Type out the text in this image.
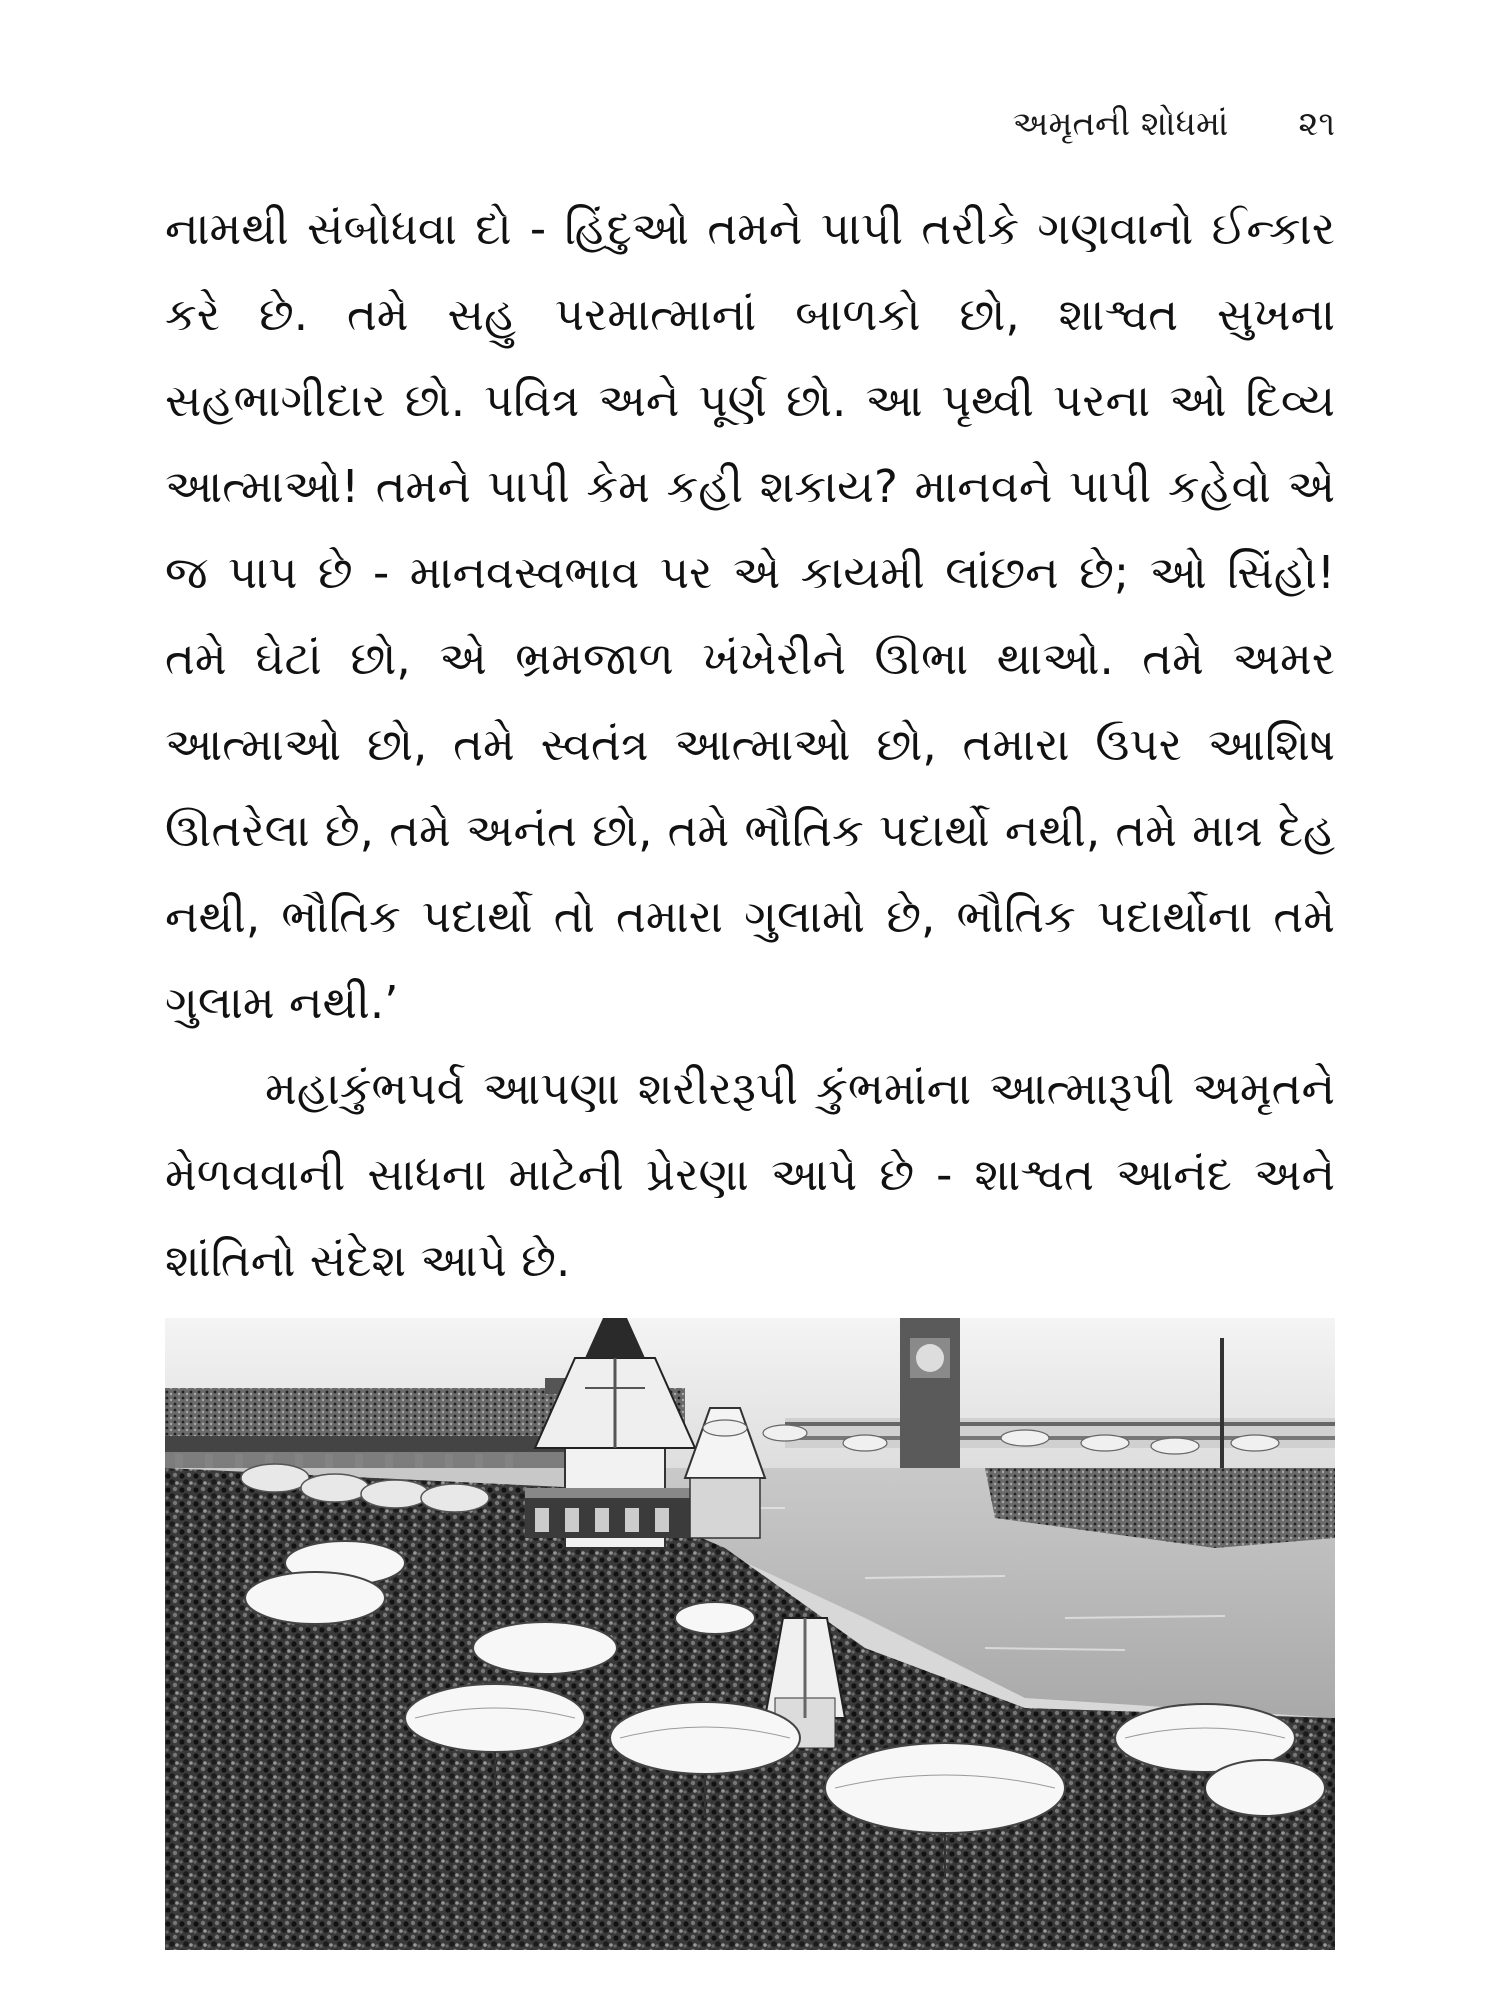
અમૃતની શોધમાં ૨૧

નામથી સંબોધવા દો - હિંદુઓ તમને પાપી તરીકે ગણવાનો ઈન્કાર કરે છે. તમે સહુ પરમાત્માનાં બાળકો છો, શાશ્વત સુખના સહભાગીદાર છો. પવિત્ર અને પૂર્ણ છો. આ પૃથ્વી પરના ઓ દિવ્ય આત્માઓ! તમને પાપી કેમ કહી શકાય? માનવને પાપી કહેવો એ જ પાપ છે - માનવસ્વભાવ પર એ કાયમી લાંછન છે; ઓ સિંહો! તમે ઘેટાં છો, એ ભ્રમજાળ ખંખેરીને ઊભા થાઓ. તમે અમર આત્માઓ છો, તમે સ્વતંત્ર આત્માઓ છો, તમારા ઉપર આશિષ ઊતરેલા છે, તમે અનંત છો, તમે ભૌતિક પદાર્થો નથી, તમે માત્ર દેહ નથી, ભૌતિક પદાર્થો તો તમારા ગુલામો છે, ભૌતિક પદાર્થોના તમે ગુલામ નથી.’

મહાકુંભપર્વ આપણા શરીરરૂપી કુંભમાંના આત્મારૂપી અમૃતને મેળવવાની સાધના માટેની પ્રેરણા આપે છે - શાશ્વત આનંદ અને શાંતિનો સંદેશ આપે છે.
